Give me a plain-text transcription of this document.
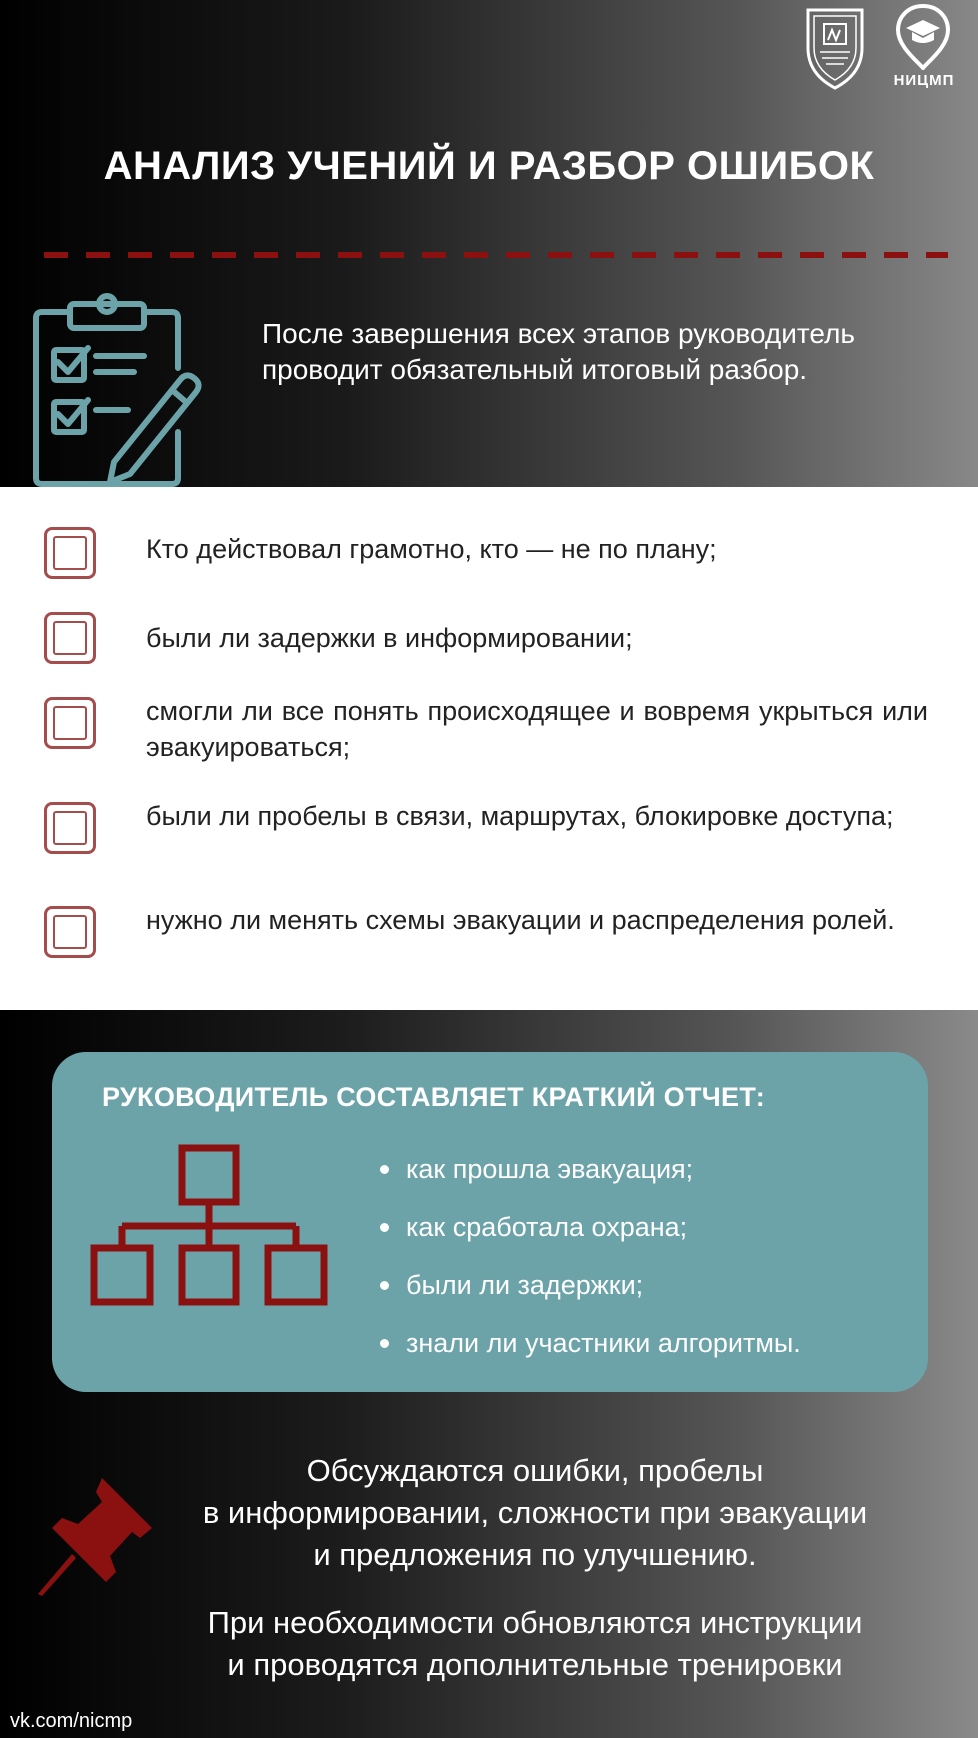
НИЦМП
АНАЛИЗ УЧЕНИЙ И РАЗБОР ОШИБОК

После завершения всех этапов руководитель проводит обязательный итоговый разбор.

Кто действовал грамотно, кто — не по плану;
были ли задержки в информировании;
смогли ли все понять происходящее и вовремя укрыться или эвакуироваться;
были ли пробелы в связи, маршрутах, блокировке доступа;
нужно ли менять схемы эвакуации и распределения ролей.
РУКОВОДИТЕЛЬ СОСТАВЛЯЕТ КРАТКИЙ ОТЧЕТ:
как прошла эвакуация;
как сработала охрана;
были ли задержки;
знали ли участники алгоритмы.
Обсуждаются ошибки, пробелы
в информировании, сложности при эвакуации
и предложения по улучшению.
При необходимости обновляются инструкции
и проводятся дополнительные тренировки
vk.com/nicmp
